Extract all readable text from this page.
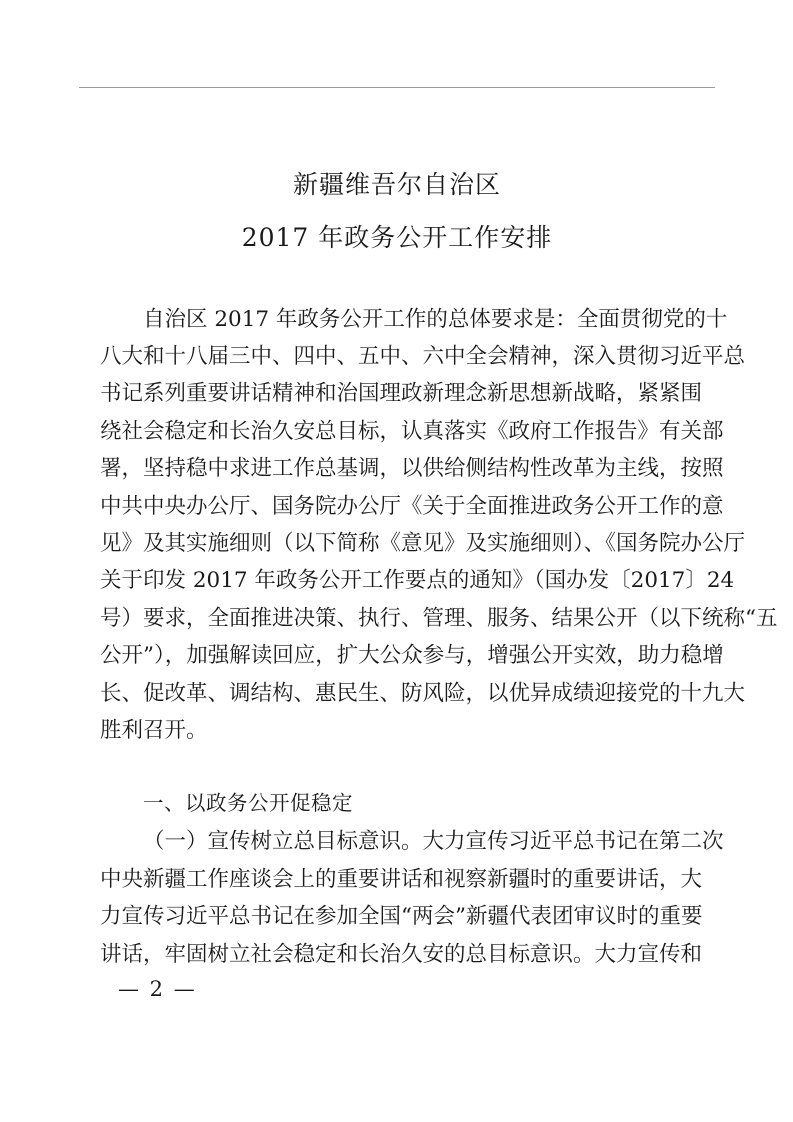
新疆维吾尔自治区
2017 年政务公开工作安排

自治区 2017 年政务公开工作的总体要求是：全面贯彻党的十

八大和十八届三中、四中、五中、六中全会精神，深入贯彻习近平总

书记系列重要讲话精神和治国理政新理念新思想新战略，紧紧围

绕社会稳定和长治久安总目标，认真落实《政府工作报告》有关部

署，坚持稳中求进工作总基调，以供给侧结构性改革为主线，按照

中共中央办公厅、国务院办公厅《关于全面推进政务公开工作的意

见》及其实施细则（以下简称《意见》及实施细则）、《国务院办公厅

关于印发 2017 年政务公开工作要点的通知》（国办发〔2017〕24

号）要求，全面推进决策、执行、管理、服务、结果公开（以下统称“五

公开”），加强解读回应，扩大公众参与，增强公开实效，助力稳增

长、促改革、调结构、惠民生、防风险，以优异成绩迎接党的十九大

胜利召开。

一、以政务公开促稳定

（一）宣传树立总目标意识。大力宣传习近平总书记在第二次

中央新疆工作座谈会上的重要讲话和视察新疆时的重要讲话，大

力宣传习近平总书记在参加全国“两会”新疆代表团审议时的重要

讲话，牢固树立社会稳定和长治久安的总目标意识。大力宣传和

— 2 —
